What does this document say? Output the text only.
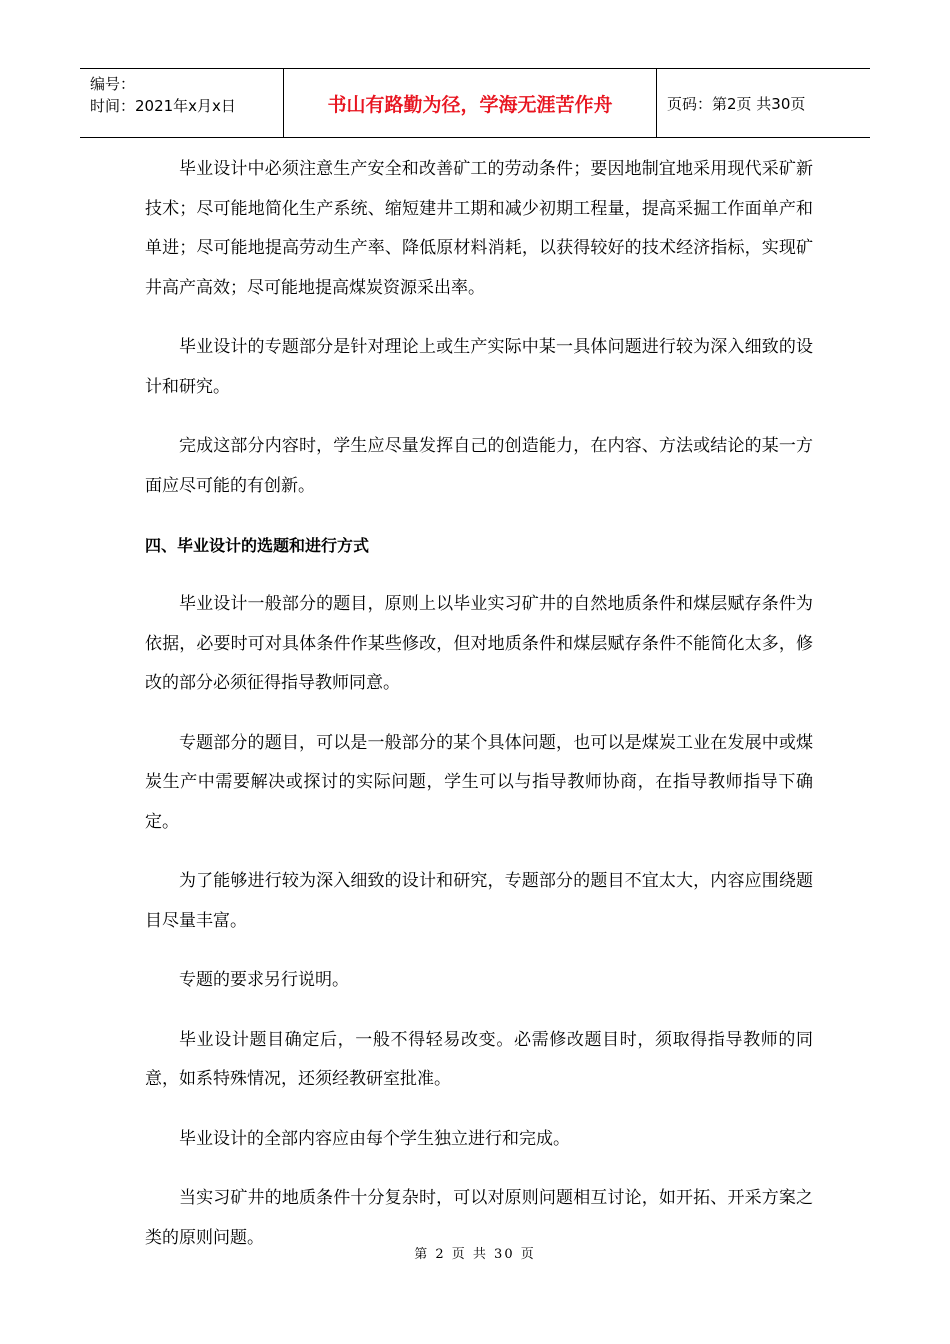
编号：
时间：2021年x月x日	书山有路勤为径，学海无涯苦作舟	页码：第2页 共30页

毕业设计中必须注意生产安全和改善矿工的劳动条件；要因地制宜地采用现代采矿新技术；尽可能地简化生产系统、缩短建井工期和减少初期工程量，提高采掘工作面单产和单进；尽可能地提高劳动生产率、降低原材料消耗，以获得较好的技术经济指标，实现矿井高产高效；尽可能地提高煤炭资源采出率。

毕业设计的专题部分是针对理论上或生产实际中某一具体问题进行较为深入细致的设计和研究。

完成这部分内容时，学生应尽量发挥自己的创造能力，在内容、方法或结论的某一方面应尽可能的有创新。

四、毕业设计的选题和进行方式

毕业设计一般部分的题目，原则上以毕业实习矿井的自然地质条件和煤层赋存条件为依据，必要时可对具体条件作某些修改，但对地质条件和煤层赋存条件不能简化太多，修改的部分必须征得指导教师同意。

专题部分的题目，可以是一般部分的某个具体问题，也可以是煤炭工业在发展中或煤炭生产中需要解决或探讨的实际问题，学生可以与指导教师协商，在指导教师指导下确定。

为了能够进行较为深入细致的设计和研究，专题部分的题目不宜太大，内容应围绕题目尽量丰富。

专题的要求另行说明。

毕业设计题目确定后，一般不得轻易改变。必需修改题目时，须取得指导教师的同意，如系特殊情况，还须经教研室批准。

毕业设计的全部内容应由每个学生独立进行和完成。

当实习矿井的地质条件十分复杂时，可以对原则问题相互讨论，如开拓、开采方案之类的原则问题。

第 2 页 共 30 页
